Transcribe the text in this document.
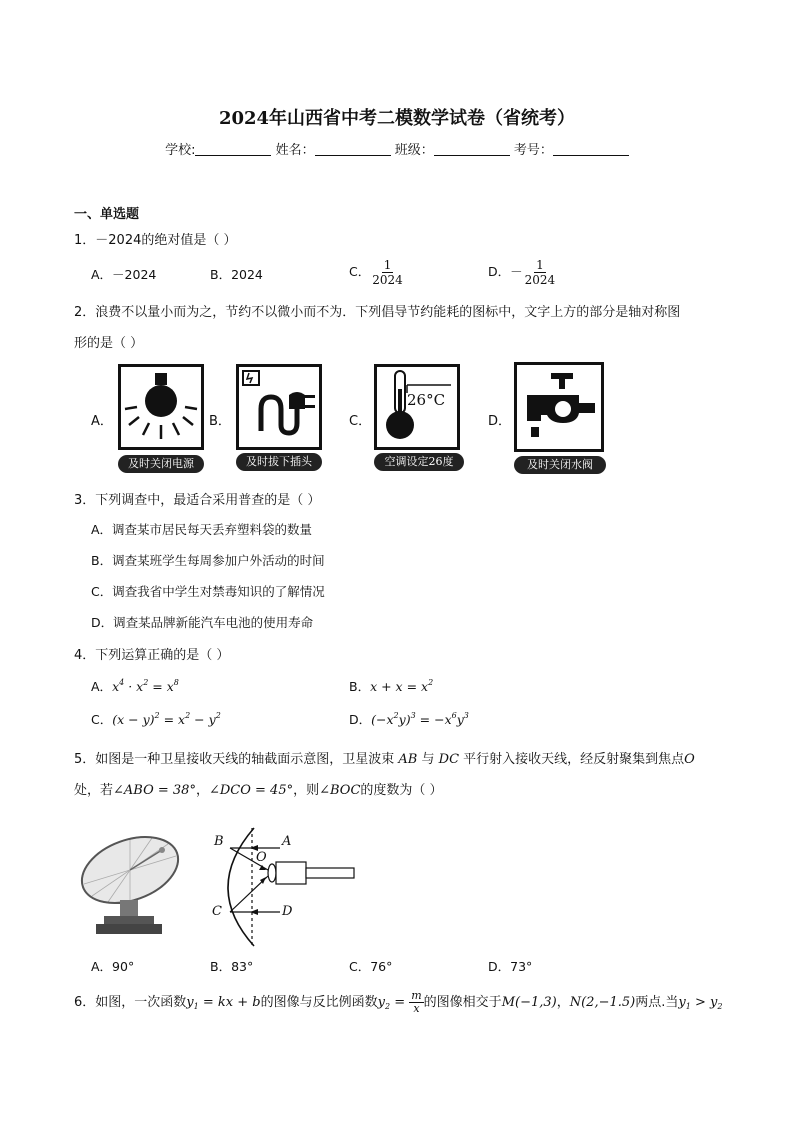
2024年山西省中考二模数学试卷（省统考）
学校:	姓名：	班级：	考号：
一、单选题
1．－2024的绝对值是（ ）
A．－2024	B．2024	C． $\frac{1}{2024}$	D．－ $\frac{1}{2024}$
2．浪费不以量小而为之，节约不以微小而不为．下列倡导节约能耗的图标中，文字上方的部分是轴对称图
形的是（ ）
A．	B．	C．	D．
及时关闭电源	及时拔下插头
26°C
空调设定26度	及时关闭水阀
3．下列调查中，最适合采用普查的是（ ）
A．调查某市居民每天丢弃塑料袋的数量
B．调查某班学生每周参加户外活动的时间
C．调查我省中学生对禁毒知识的了解情况
D．调查某品牌新能汽车电池的使用寿命
4．下列运算正确的是（ ）
A．$x^4 \cdot x^2 = x^8$	B．$x + x = x^2$
C．$(x - y)^2 = x^2 - y^2$	D．$(-x^2y)^3 = -x^6y^3$
5．如图是一种卫星接收天线的轴截面示意图，卫星波束 AB 与 DC 平行射入接收天线，经反射聚集到焦点O
处，若∠ABO = 38°，∠DCO = 45°，则∠BOC的度数为（ ）
B	A
O
C	D
A．90°	B．83°	C．76°	D．73°
6．如图，一次函数$y_1$ = kx + b的图像与反比例函数$y_2 = \frac{m}{x}$ 的图像相交于M(−1,3)，N(2,−1.5)两点.当$y_1 > y_2$
